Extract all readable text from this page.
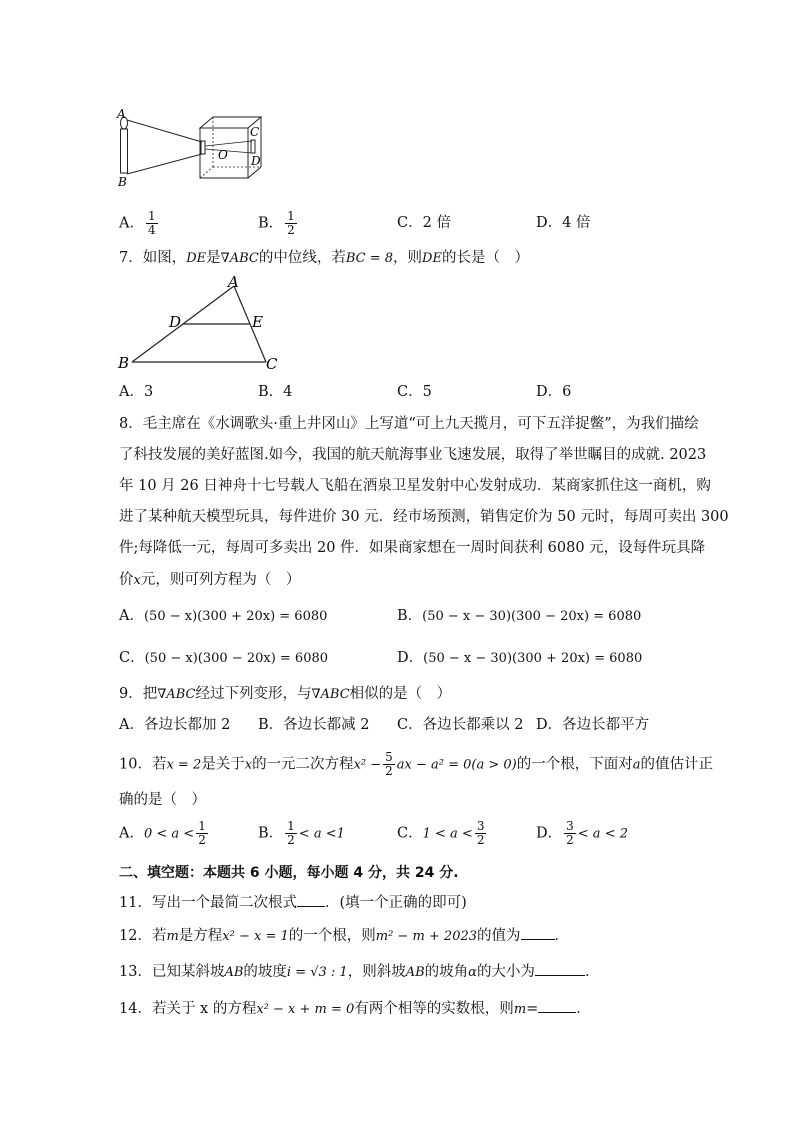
A
B
O
C
D
A． $\frac{1}{4}$	B． $\frac{1}{2}$	C．2 倍	D．4 倍
7．如图，DE是∇ABC的中位线，若BC = 8，则DE的长是（　）
A
D	E
B	C
A．3	B．4	C．5	D．6
8．毛主席在《水调歌头·重上井冈山》上写道“可上九天揽月，可下五洋捉鳖”，为我们描绘
了科技发展的美好蓝图.如今，我国的航天航海事业飞速发展，取得了举世瞩目的成就. 2023
年 10 月 26 日神舟十七号载人飞船在酒泉卫星发射中心发射成功．某商家抓住这一商机，购
进了某种航天模型玩具，每件进价 30 元．经市场预测，销售定价为 50 元时，每周可卖出 300
件;每降低一元，每周可多卖出 20 件．如果商家想在一周时间获利 6080 元，设每件玩具降
价x元，则可列方程为（　）
A．(50 − x)(300 + 20x) = 6080	B．(50 − x − 30)(300 − 20x) = 6080
C．(50 − x)(300 − 20x) = 6080	D．(50 − x − 30)(300 + 20x) = 6080
9．把∇ABC经过下列变形，与∇ABC相似的是（　）
A．各边长都加 2 B．各边长都减 2 C．各边长都乘以 2 D．各边长都平方
10．若x = 2是关于x的一元二次方程$x^2 - \frac{5}{2}$ ax − a² = 0(a > 0)的一个根，下面对a的值估计正
确的是（　）
A．$0 < a < \frac{1}{2}$	B． $\frac{1}{2} < a <1$	C．$1 < a < \frac{3}{2}$	D． $\frac{3}{2} < a < 2$
二、填空题：本题共 6 小题，每小题 4 分，共 24 分.
11．写出一个最简二次根式 ．(填一个正确的即可)
12．若m是方程x² − x = 1的一个根，则m² − m + 2023的值为 ．
13．已知某斜坡AB的坡度i = √3 : 1，则斜坡AB的坡角α的大小为	．
14．若关于 x 的方程x² − x + m = 0有两个相等的实数根，则m=	．
